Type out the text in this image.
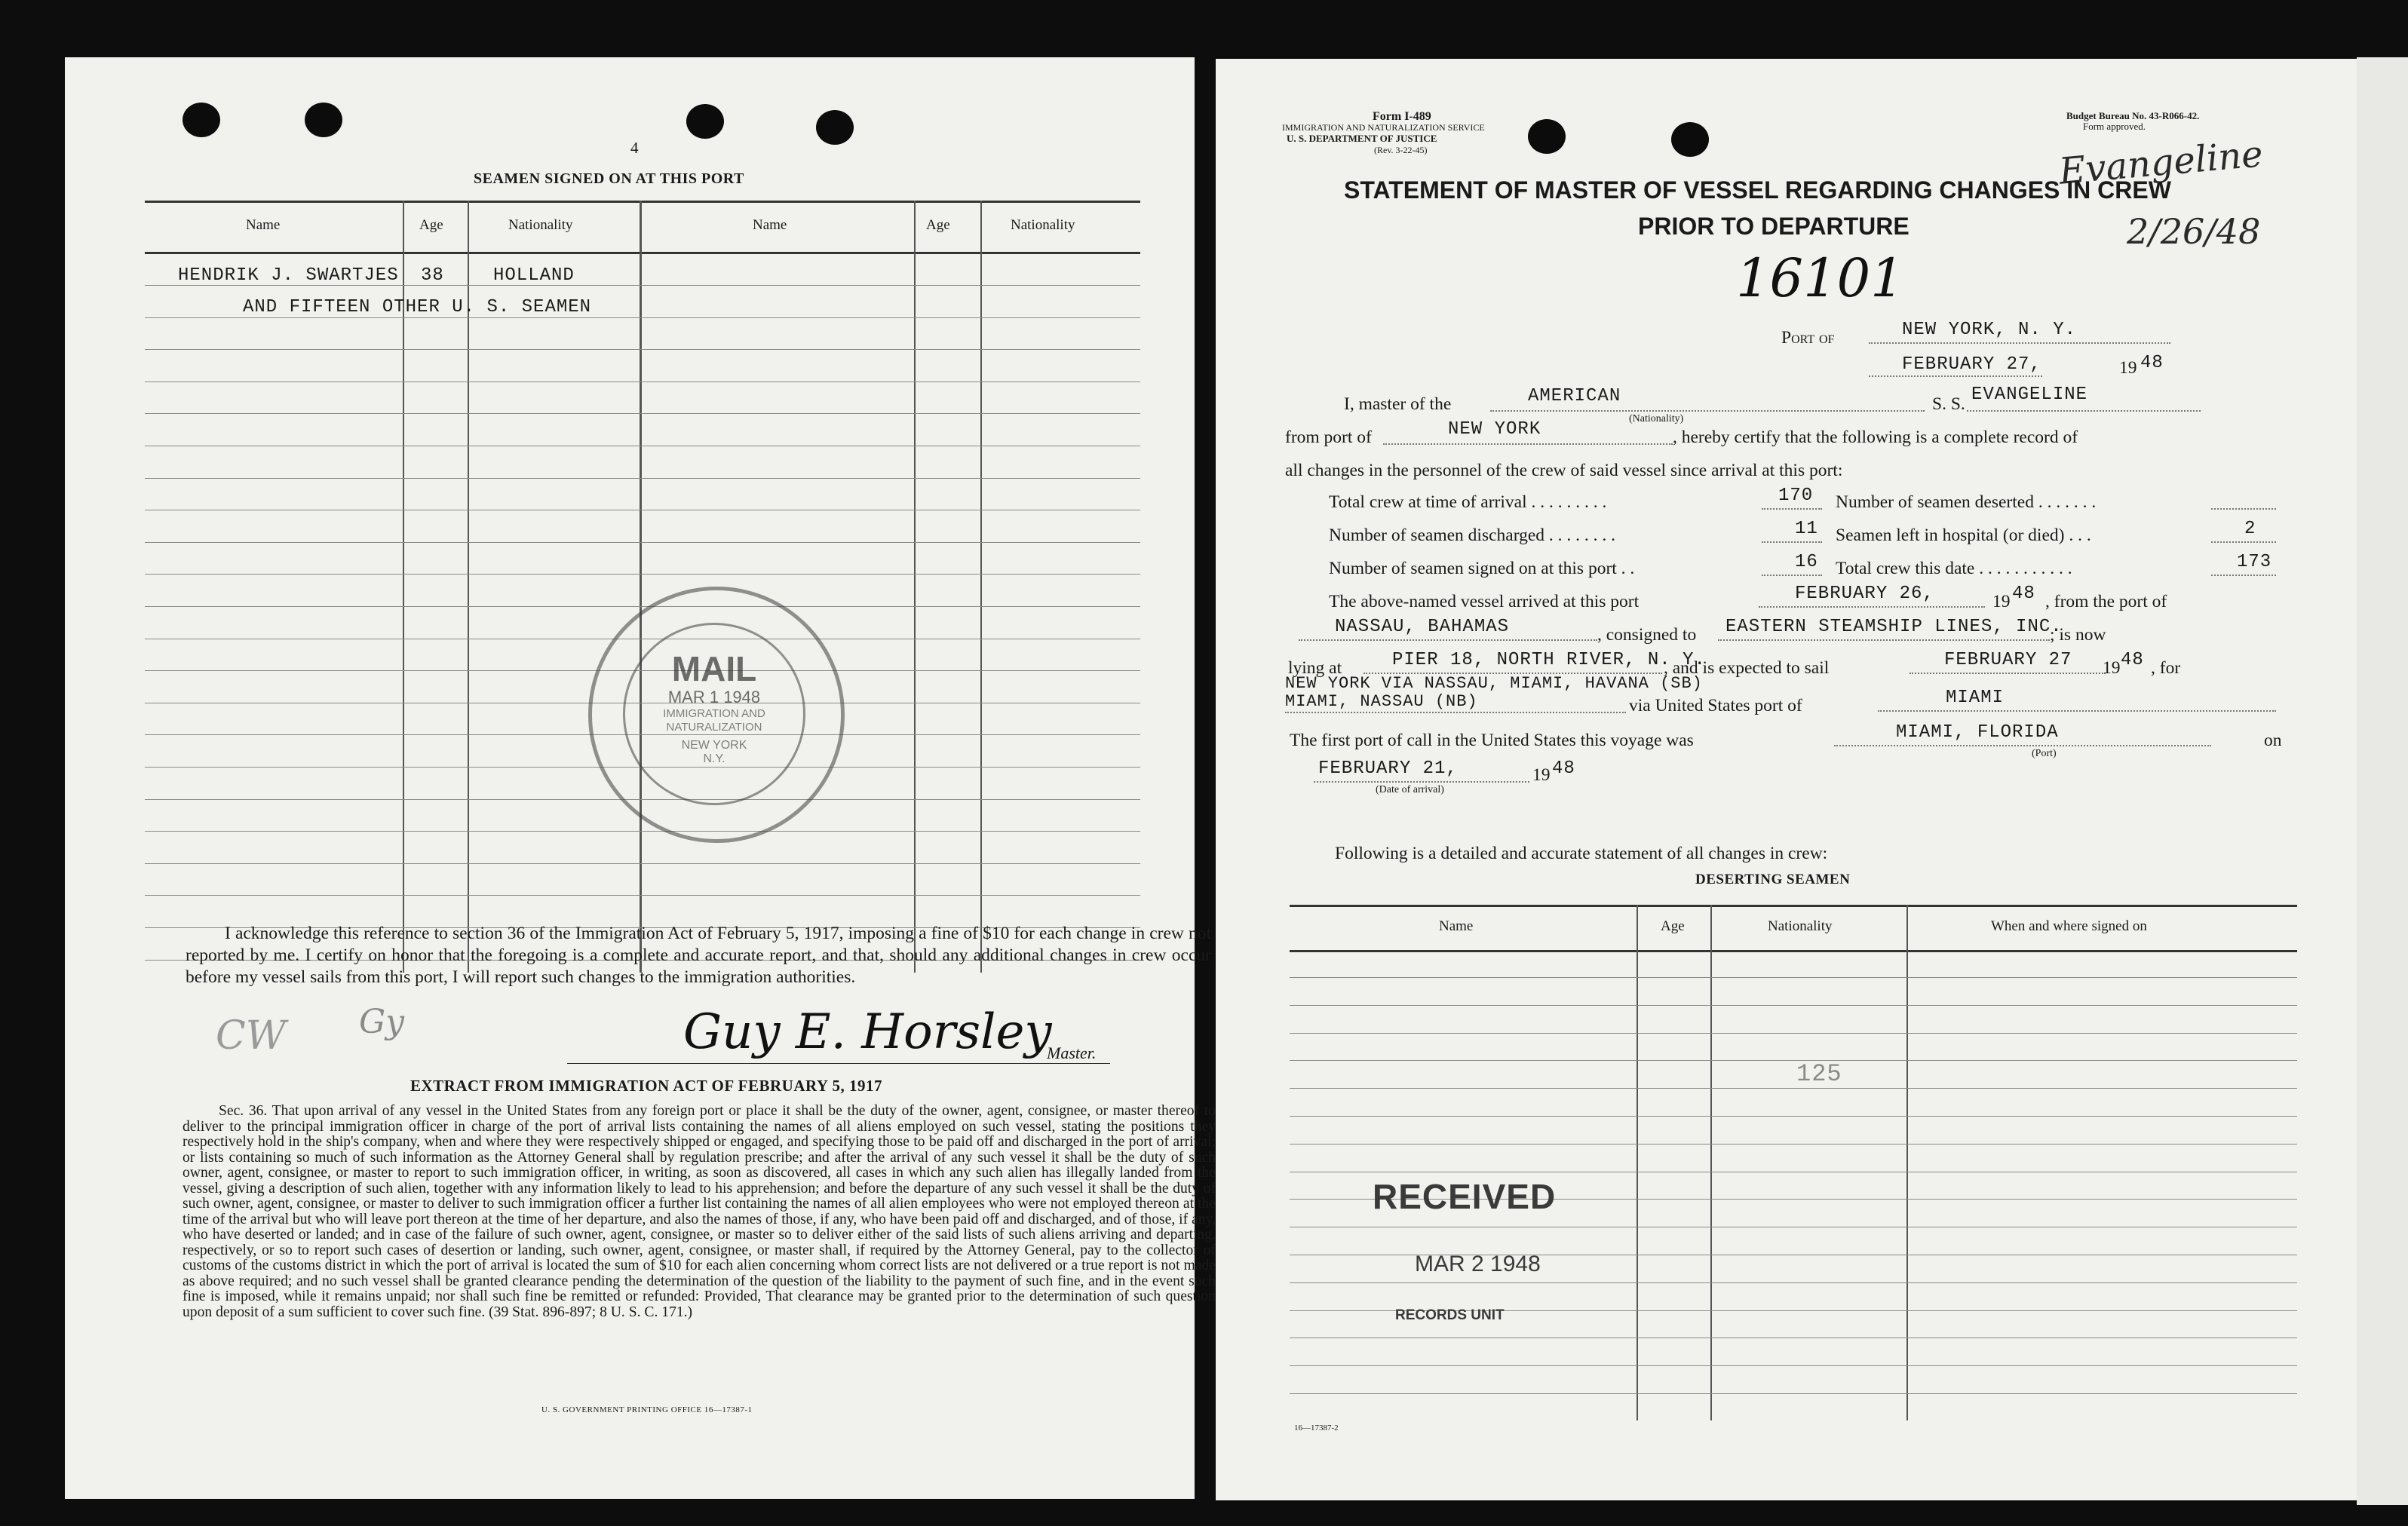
4
SEAMEN SIGNED ON AT THIS PORT
Name	Age	Nationality	Name	Age	Nationality
HENDRIK J. SWARTJES 38	HOLLAND
AND FIFTEEN OTHER U. S. SEAMEN
MAIL
MAR 1 1948
IMMIGRATION AND
NATURALIZATION
NEW YORK
N.Y.
I acknowledge this reference to section 36 of the Immigration Act of February 5, 1917, imposing a fine of $10 for each change in crew not reported by me. I certify on honor that the foregoing is a complete and accurate report, and that, should any additional changes in crew occur before my vessel sails from this port, I will report such changes to the immigration authorities.
CW Gy	Guy E. Horsley
Master.
EXTRACT FROM IMMIGRATION ACT OF FEBRUARY 5, 1917
Sec. 36. That upon arrival of any vessel in the United States from any foreign port or place it shall be the duty of the owner, agent, consignee, or master thereof to deliver to the principal immigration officer in charge of the port of arrival lists containing the names of all aliens employed on such vessel, stating the positions they respectively hold in the ship's company, when and where they were respectively shipped or engaged, and specifying those to be paid off and discharged in the port of arrival; or lists containing so much of such information as the Attorney General shall by regulation prescribe; and after the arrival of any such vessel it shall be the duty of such owner, agent, consignee, or master to report to such immigration officer, in writing, as soon as discovered, all cases in which any such alien has illegally landed from the vessel, giving a description of such alien, together with any information likely to lead to his apprehension; and before the departure of any such vessel it shall be the duty of such owner, agent, consignee, or master to deliver to such immigration officer a further list containing the names of all alien employees who were not employed thereon at the time of the arrival but who will leave port thereon at the time of her departure, and also the names of those, if any, who have been paid off and discharged, and of those, if any, who have deserted or landed; and in case of the failure of such owner, agent, consignee, or master so to deliver either of the said lists of such aliens arriving and departing, respectively, or so to report such cases of desertion or landing, such owner, agent, consignee, or master shall, if required by the Attorney General, pay to the collector of customs of the customs district in which the port of arrival is located the sum of $10 for each alien concerning whom correct lists are not delivered or a true report is not made as above required; and no such vessel shall be granted clearance pending the determination of the question of the liability to the payment of such fine, and in the event such fine is imposed, while it remains unpaid; nor shall such fine be remitted or refunded: Provided, That clearance may be granted prior to the determination of such question upon deposit of a sum sufficient to cover such fine. (39 Stat. 896-897; 8 U. S. C. 171.)
U. S. GOVERNMENT PRINTING OFFICE 16—17387-1
Form I-489
IMMIGRATION AND NATURALIZATION SERVICE
U. S. DEPARTMENT OF JUSTICE
(Rev. 3-22-45)
Budget Bureau No. 43-R066-42.
Form approved.
Evangeline
2/26/48
16101
STATEMENT OF MASTER OF VESSEL REGARDING CHANGES IN CREW
PRIOR TO DEPARTURE
Port of	NEW YORK, N. Y.
FEBRUARY 27,	19 48
I, master of the	AMERICAN
(Nationality)
S. S. EVANGELINE
from port of	NEW YORK	, hereby certify that the following is a complete record of
all changes in the personnel of the crew of said vessel since arrival at this port:
Total crew at time of arrival . . . . . . . . .	170 Number of seamen deserted . . . . . . .
Number of seamen discharged . . . . . . . .	11 Seamen left in hospital (or died) . . .	2
Number of seamen signed on at this port . .	16 Total crew this date . . . . . . . . . . .	173
The above-named vessel arrived at this port	FEBRUARY 26,	19 48 , from the port of
NASSAU, BAHAMAS	, consigned to EASTERN STEAMSHIP LINES, INC.
; is now
lying at	PIER 18, NORTH RIVER, N. Y.
, and is expected to sail	FEBRUARY 27 19 48 , for
NEW YORK VIA NASSAU, MIAMI, HAVANA (SB)
MIAMI, NASSAU (NB)	via United States port of	MIAMI
The first port of call in the United States this voyage was	MIAMI, FLORIDA
(Port)
on
FEBRUARY 21,
(Date of arrival)
19 48
Following is a detailed and accurate statement of all changes in crew:
DESERTING SEAMEN
Name	Age	Nationality	When and where signed on
125
RECEIVED
MAR 2 1948
RECORDS UNIT
16—17387-2
